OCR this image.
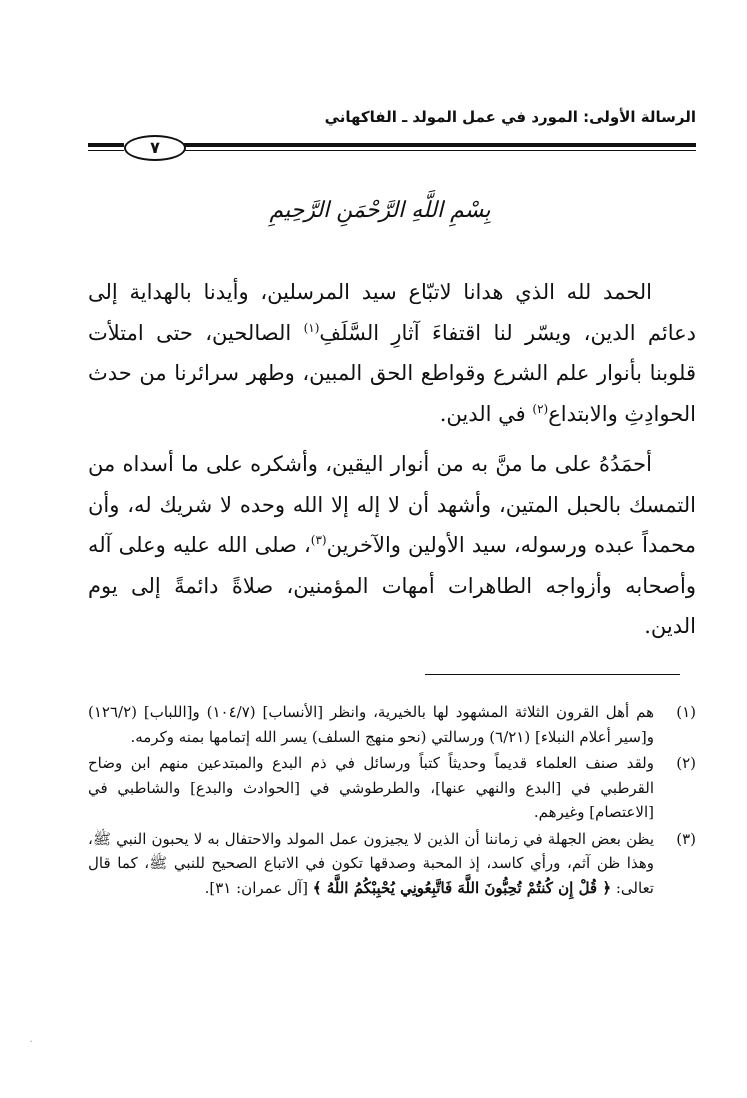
الرسالة الأولى: المورد في عمل المولد ـ الفاكهاني
٧
بِسْمِ اللَّهِ الرَّحْمَنِ الرَّحِيمِ

الحمد لله الذي هدانا لاتبّاع سيد المرسلين، وأيدنا بالهداية إلى دعائم الدين، ويسّر لنا اقتفاءَ آثارِ السَّلَفِ$^{(١)}$ الصالحين، حتى امتلأت قلوبنا بأنوار علم الشرع وقواطع الحق المبين، وطهر سرائرنا من حدث الحوادِثِ والابتداع$^{(٢)}$ في الدين.

أحمَدُهُ على ما منَّ به من أنوار اليقين، وأشكره على ما أسداه من التمسك بالحبل المتين، وأشهد أن لا إله إلا الله وحده لا شريك له، وأن محمداً عبده ورسوله، سيد الأولين والآخرين$^{(٣)}$، صلى الله عليه وعلى آله وأصحابه وأزواجه الطاهرات أمهات المؤمنين، صلاةً دائمةً إلى يوم الدين.

(١)
هم أهل القرون الثلاثة المشهود لها بالخيرية، وانظر [الأنساب] (١٠٤/٧) و[اللباب] (١٢٦/٢) و[سير أعلام النبلاء] (٦/٢١) ورسالتي (نحو منهج السلف) يسر الله إتمامها بمنه وكرمه.
(٢)
ولقد صنف العلماء قديماً وحديثاً كتباً ورسائل في ذم البدع والمبتدعين منهم ابن وضاح القرطبي في [البدع والنهي عنها]، والطرطوشي في [الحوادث والبدع] والشاطبي في [الاعتصام] وغيرهم.
(٣)
يظن بعض الجهلة في زماننا أن الذين لا يجيزون عمل المولد والاحتفال به لا يحبون النبي ﷺ، وهذا ظن آثم، ورأي كاسد، إذ المحبة وصدقها تكون في الاتباع الصحيح للنبي ﷺ، كما قال تعالى: ﴿ قُلْ إِن كُنتُمْ تُحِبُّونَ اللَّهَ فَاتَّبِعُونِي يُحْبِبْكُمُ اللَّهُ ﴾ [آل عمران: ٣١].
